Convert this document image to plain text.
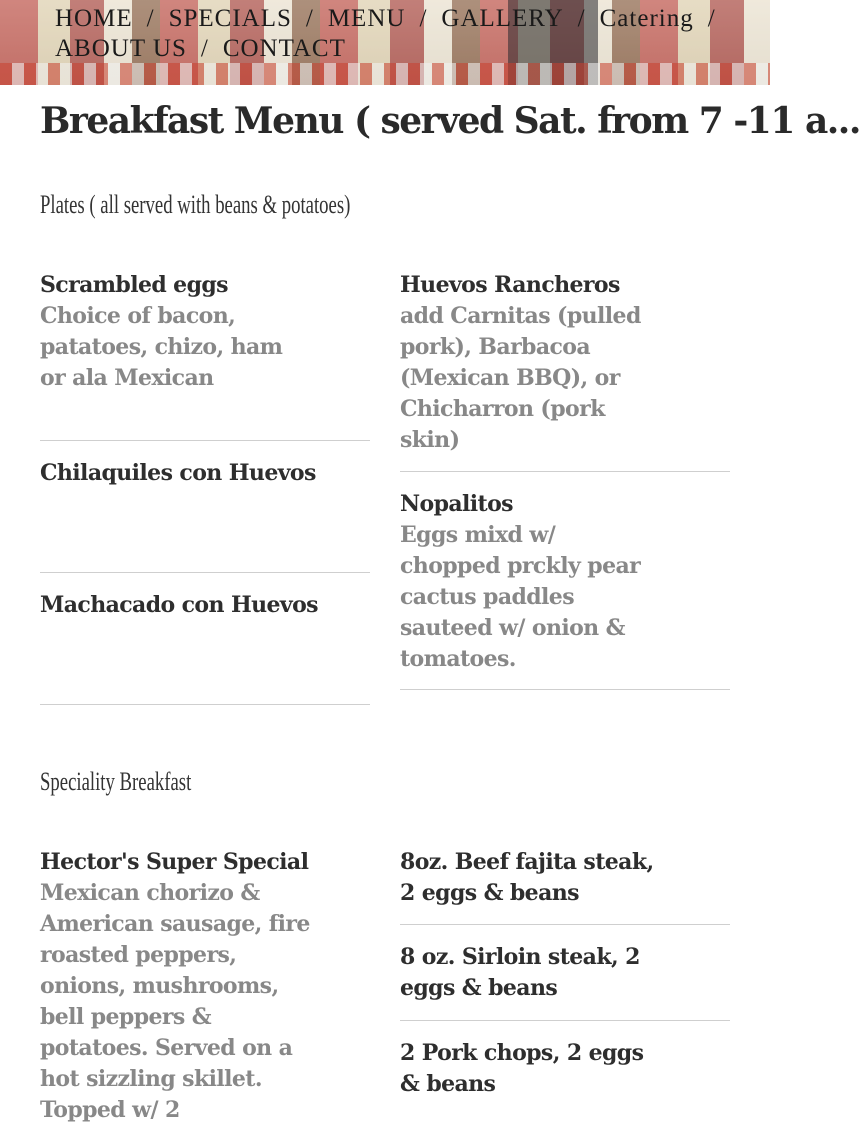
HOME / SPECIALS / MENU / GALLERY / Catering /
ABOUT US / CONTACT
Breakfast Menu ( served Sat. from 7 -11 a...
Plates ( all served with beans & potatoes)
Scrambled eggs
Choice of bacon, patatoes, chizo, ham or ala Mexican
Chilaquiles con Huevos
Machacado con Huevos
Huevos Rancheros
add Carnitas (pulled pork), Barbacoa (Mexican BBQ), or Chicharron (pork skin)
Nopalitos
Eggs mixd w/ chopped prckly pear cactus paddles sauteed w/ onion & tomatoes.
Speciality Breakfast
Hector's Super Special
Mexican chorizo & American sausage, fire roasted peppers, onions, mushrooms, bell peppers & potatoes. Served on a hot sizzling skillet. Topped w/ 2
8oz. Beef fajita steak, 2 eggs & beans
8 oz. Sirloin steak, 2 eggs & beans
2 Pork chops, 2 eggs & beans
